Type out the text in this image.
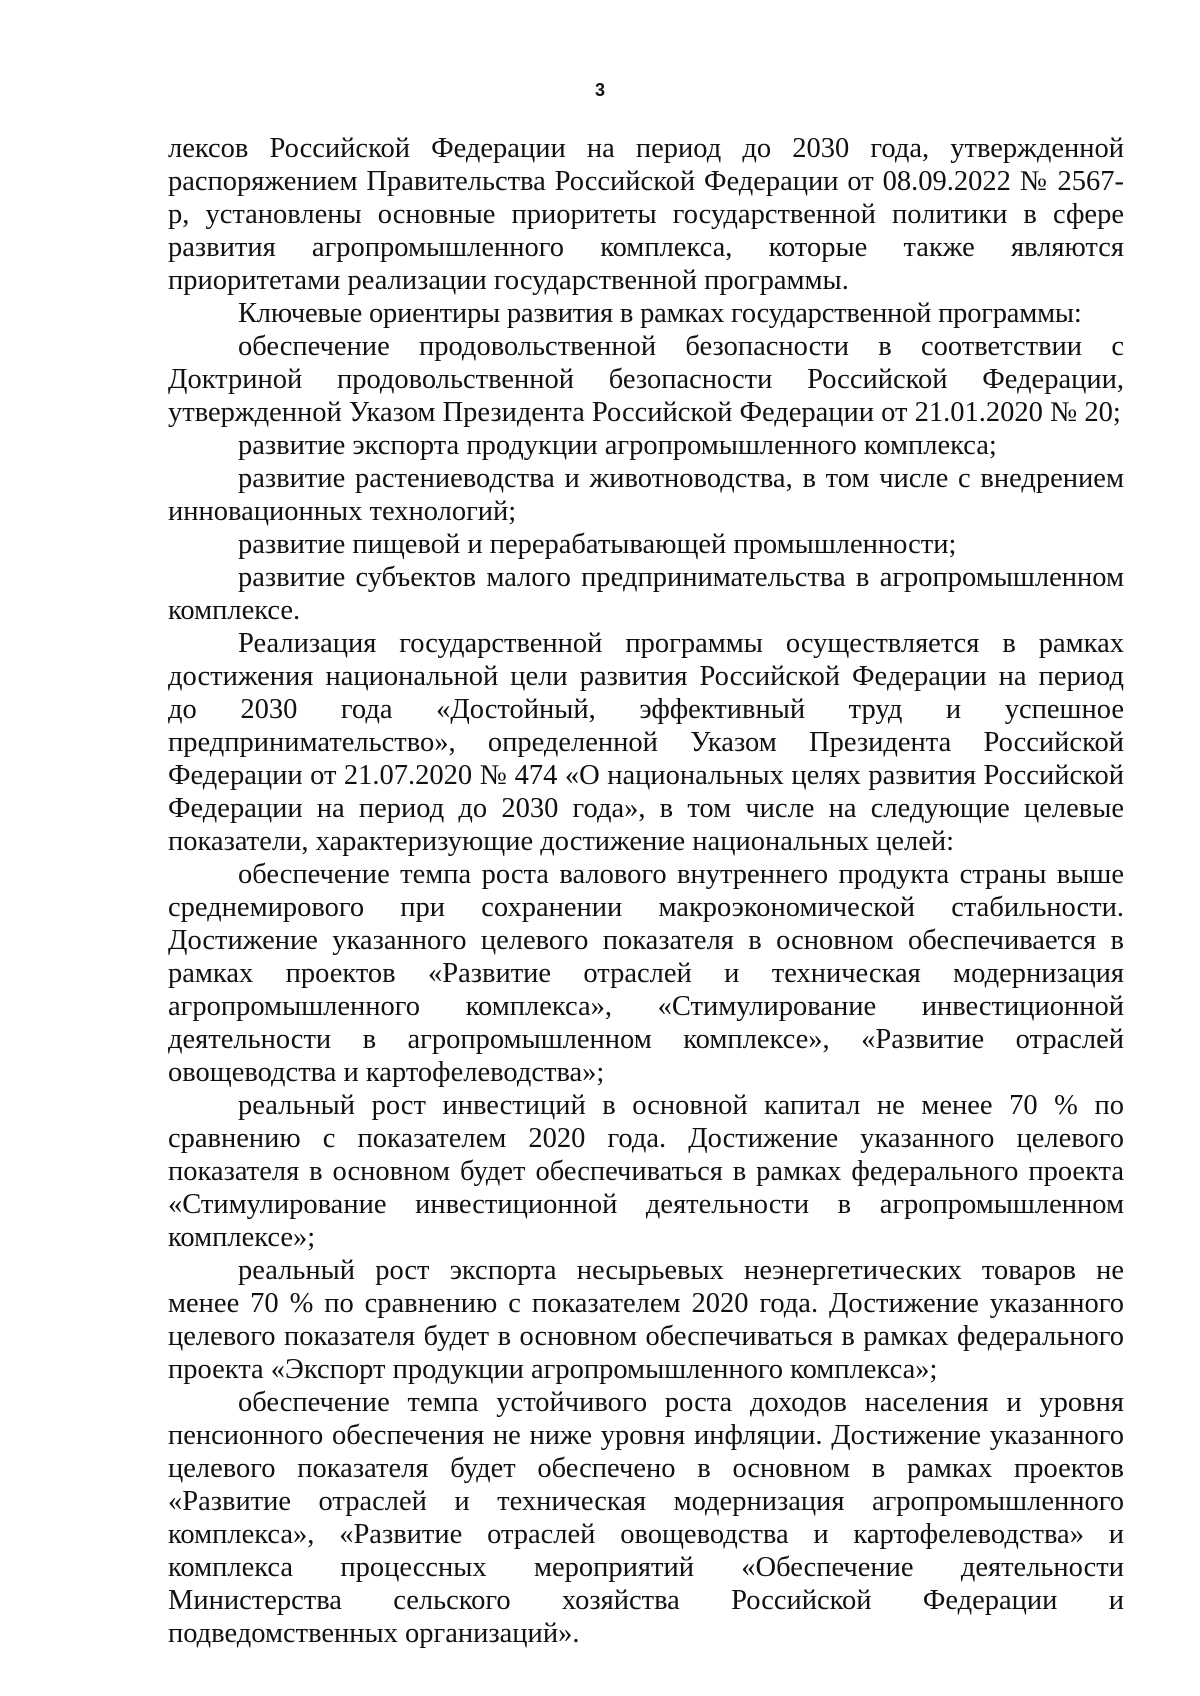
3

лексов Российской Федерации на период до 2030 года, утвержденной распоряжением Правительства Российской Федерации от 08.09.2022 № 2567-р, установлены основные приоритеты государственной политики в сфере развития агропромышленного комплекса, которые также являются приоритетами реализации государственной программы.

Ключевые ориентиры развития в рамках государственной программы:

обеспечение продовольственной безопасности в соответствии с Доктриной продовольственной безопасности Российской Федерации, утвержденной Указом Президента Российской Федерации от 21.01.2020 № 20;

развитие экспорта продукции агропромышленного комплекса;

развитие растениеводства и животноводства, в том числе с внедрением инновационных технологий;

развитие пищевой и перерабатывающей промышленности;

развитие субъектов малого предпринимательства в агропромышленном комплексе.

Реализация государственной программы осуществляется в рамках достижения национальной цели развития Российской Федерации на период до 2030 года «Достойный, эффективный труд и успешное предпринимательство», определенной Указом Президента Российской Федерации от 21.07.2020 № 474 «О национальных целях развития Российской Федерации на период до 2030 года», в том числе на следующие целевые показатели, характеризующие достижение национальных целей:

обеспечение темпа роста валового внутреннего продукта страны выше среднемирового при сохранении макроэкономической стабильности. Достижение указанного целевого показателя в основном обеспечивается в рамках проектов «Развитие отраслей и техническая модернизация агропромышленного комплекса», «Стимулирование инвестиционной деятельности в агропромышленном комплексе», «Развитие отраслей овощеводства и картофелеводства»;

реальный рост инвестиций в основной капитал не менее 70 % по сравнению с показателем 2020 года. Достижение указанного целевого показателя в основном будет обеспечиваться в рамках федерального проекта «Стимулирование инвестиционной деятельности в агропромышленном комплексе»;

реальный рост экспорта несырьевых неэнергетических товаров не менее 70 % по сравнению с показателем 2020 года. Достижение указанного целевого показателя будет в основном обеспечиваться в рамках федерального проекта «Экспорт продукции агропромышленного комплекса»;

обеспечение темпа устойчивого роста доходов населения и уровня пенсионного обеспечения не ниже уровня инфляции. Достижение указанного целевого показателя будет обеспечено в основном в рамках проектов «Развитие отраслей и техническая модернизация агропромышленного комплекса», «Развитие отраслей овощеводства и картофелеводства» и комплекса процессных мероприятий «Обеспечение деятельности Министерства сельского хозяйства Российской Федерации и подведомственных организаций».
